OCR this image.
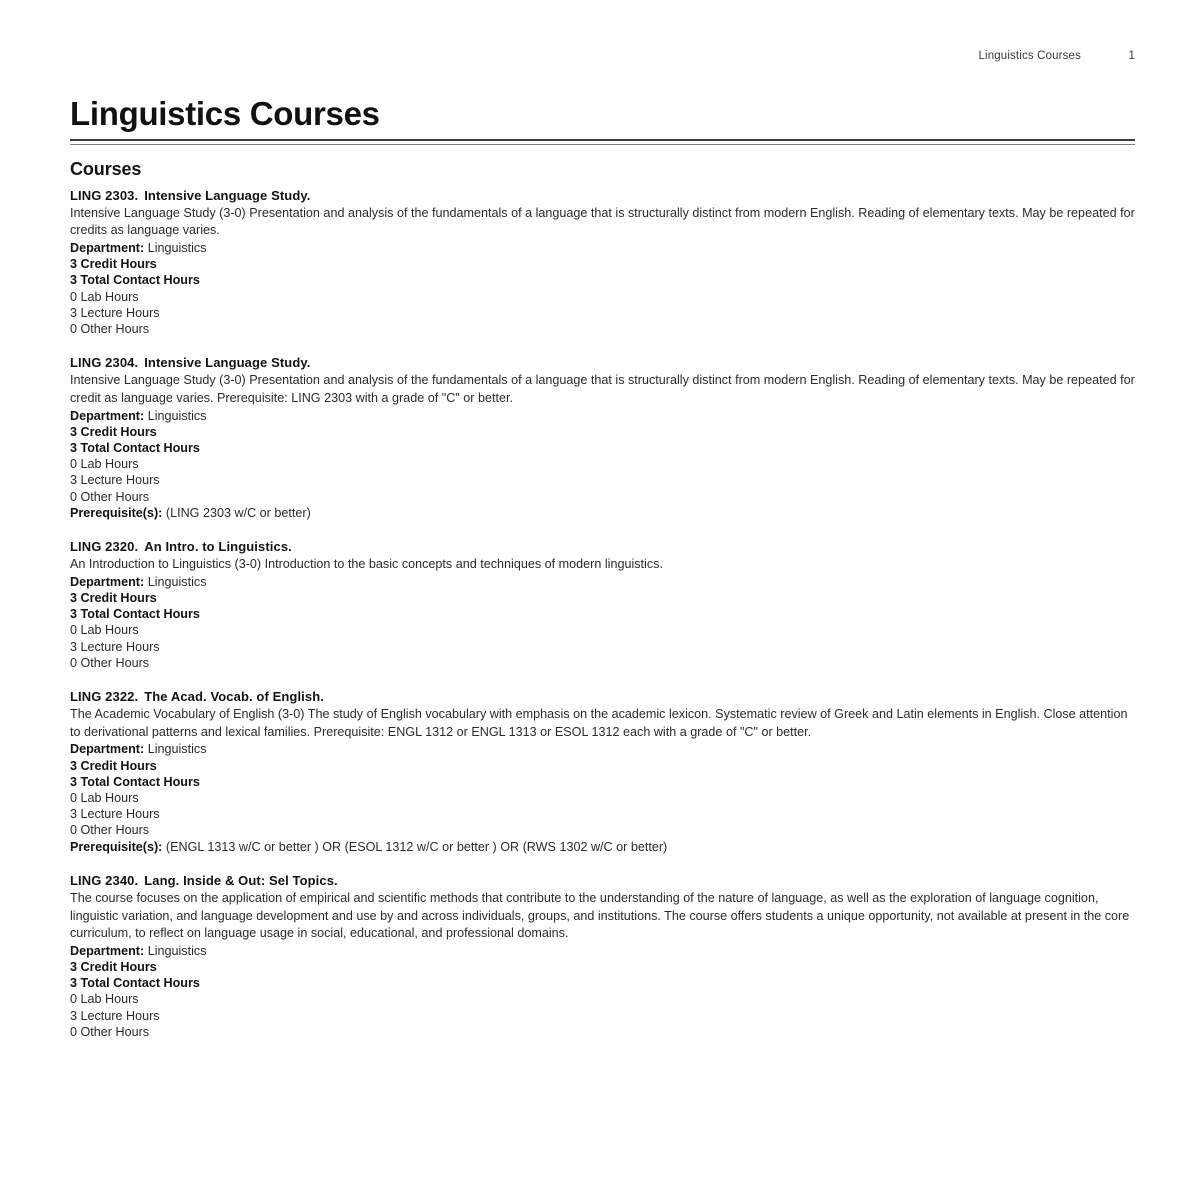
Linguistics Courses	1
Linguistics Courses
Courses
LING 2303. Intensive Language Study.
Intensive Language Study (3-0) Presentation and analysis of the fundamentals of a language that is structurally distinct from modern English. Reading of elementary texts. May be repeated for credits as language varies.
Department: Linguistics
3 Credit Hours
3 Total Contact Hours
0 Lab Hours
3 Lecture Hours
0 Other Hours
LING 2304. Intensive Language Study.
Intensive Language Study (3-0) Presentation and analysis of the fundamentals of a language that is structurally distinct from modern English. Reading of elementary texts. May be repeated for credit as language varies. Prerequisite: LING 2303 with a grade of "C" or better.
Department: Linguistics
3 Credit Hours
3 Total Contact Hours
0 Lab Hours
3 Lecture Hours
0 Other Hours
Prerequisite(s): (LING 2303 w/C or better)
LING 2320. An Intro. to Linguistics.
An Introduction to Linguistics (3-0) Introduction to the basic concepts and techniques of modern linguistics.
Department: Linguistics
3 Credit Hours
3 Total Contact Hours
0 Lab Hours
3 Lecture Hours
0 Other Hours
LING 2322. The Acad. Vocab. of English.
The Academic Vocabulary of English (3-0) The study of English vocabulary with emphasis on the academic lexicon. Systematic review of Greek and Latin elements in English. Close attention to derivational patterns and lexical families. Prerequisite: ENGL 1312 or ENGL 1313 or ESOL 1312 each with a grade of "C" or better.
Department: Linguistics
3 Credit Hours
3 Total Contact Hours
0 Lab Hours
3 Lecture Hours
0 Other Hours
Prerequisite(s): (ENGL 1313 w/C or better ) OR (ESOL 1312 w/C or better ) OR (RWS 1302 w/C or better)
LING 2340. Lang. Inside & Out: Sel Topics.
The course focuses on the application of empirical and scientific methods that contribute to the understanding of the nature of language, as well as the exploration of language cognition, linguistic variation, and language development and use by and across individuals, groups, and institutions. The course offers students a unique opportunity, not available at present in the core curriculum, to reflect on language usage in social, educational, and professional domains.
Department: Linguistics
3 Credit Hours
3 Total Contact Hours
0 Lab Hours
3 Lecture Hours
0 Other Hours
